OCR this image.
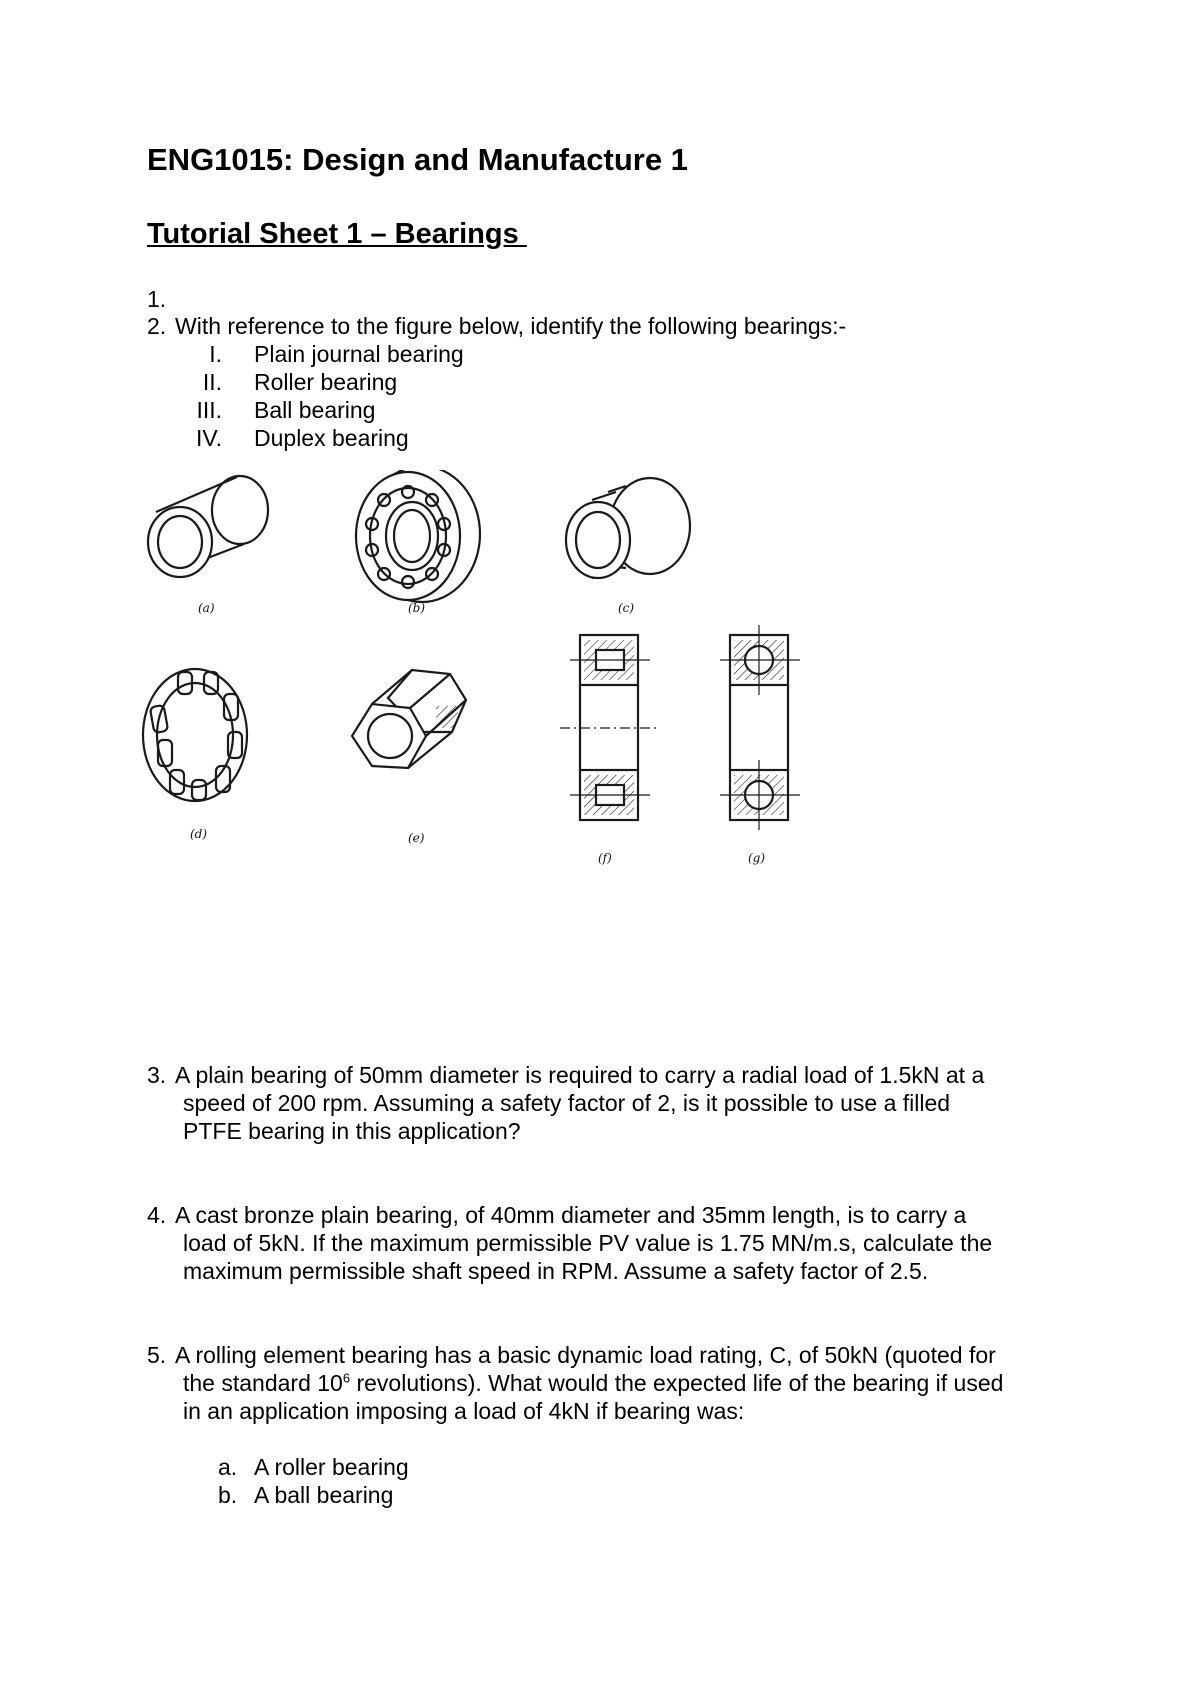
ENG1015: Design and Manufacture 1
Tutorial Sheet 1 – Bearings
1.
2. With reference to the figure below, identify the following bearings:-
I. Plain journal bearing
II. Roller bearing
III. Ball bearing
IV. Duplex bearing
(a)	(b)	(c)
(d)	(e)
(f)	(g)
3. A plain bearing of 50mm diameter is required to carry a radial load of 1.5kN at a
speed of 200 rpm. Assuming a safety factor of 2, is it possible to use a filled
PTFE bearing in this application?
4. A cast bronze plain bearing, of 40mm diameter and 35mm length, is to carry a
load of 5kN. If the maximum permissible PV value is 1.75 MN/m.s, calculate the
maximum permissible shaft speed in RPM. Assume a safety factor of 2.5.
5. A rolling element bearing has a basic dynamic load rating, C, of 50kN (quoted for
the standard $10^6$ revolutions). What would the expected life of the bearing if used
in an application imposing a load of 4kN if bearing was:
a. A roller bearing
b. A ball bearing
